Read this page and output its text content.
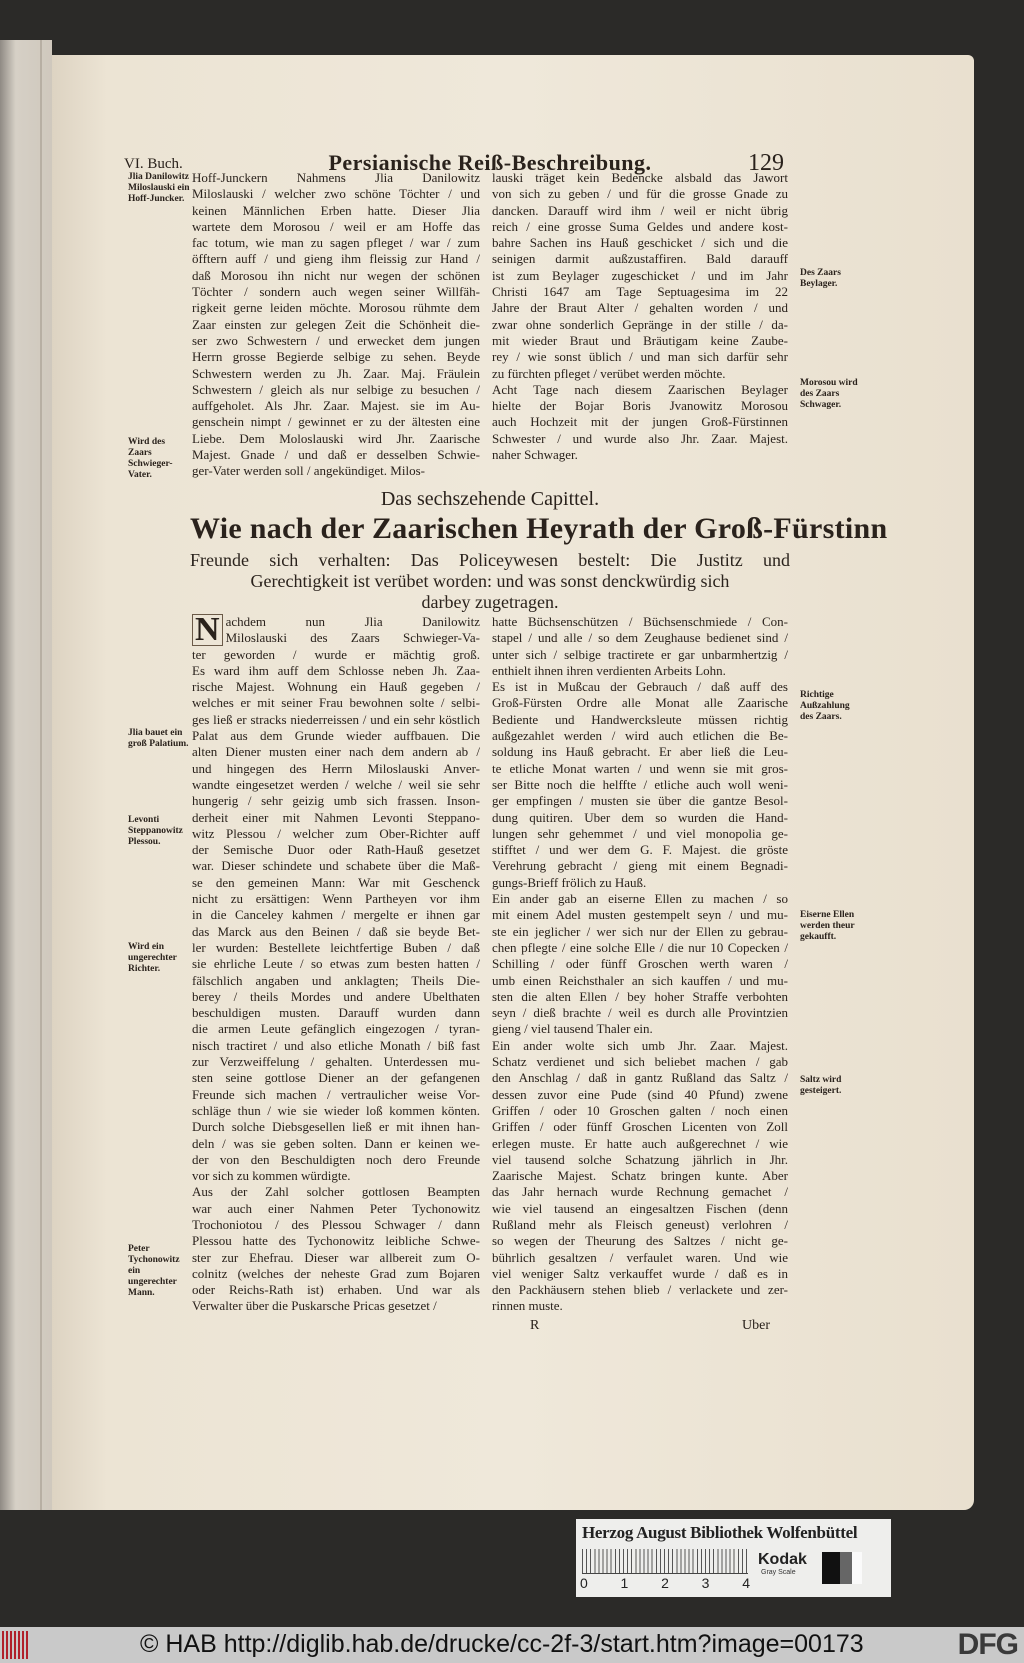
VI. Buch.	Persianische Reiß-Beschreibung.	129
Hoff-Junckern Nahmens Jlia Danilowitz
Miloslauski / welcher zwo schöne Töchter / und
keinen Männlichen Erben hatte. Dieser Jlia
wartete dem Morosou / weil er am Hoffe das
fac totum, wie man zu sagen pfleget / war / zum
öfftern auff / und gieng ihm fleissig zur Hand /
daß Morosou ihn nicht nur wegen der schönen
Töchter / sondern auch wegen seiner Willfäh-
rigkeit gerne leiden möchte. Morosou rühmte dem
Zaar einsten zur gelegen Zeit die Schönheit die-
ser zwo Schwestern / und erwecket dem jungen
Herrn grosse Begierde selbige zu sehen. Beyde
Schwestern werden zu Jh. Zaar. Maj. Fräulein
Schwestern / gleich als nur selbige zu besuchen /
auffgeholet. Als Jhr. Zaar. Majest. sie im Au-
genschein nimpt / gewinnet er zu der ältesten eine
Liebe. Dem Moloslauski wird Jhr. Zaarische
Majest. Gnade / und daß er desselben Schwie-
ger-Vater werden soll / angekündiget. Milos-
lauski träget kein Bedencke alsbald das Jawort
von sich zu geben / und für die grosse Gnade zu
dancken. Darauff wird ihm / weil er nicht übrig
reich / eine grosse Suma Geldes und andere kost-
bahre Sachen ins Hauß geschicket / sich und die
seinigen darmit außzustaffiren. Bald darauff
ist zum Beylager zugeschicket / und im Jahr
Christi 1647 am Tage Septuagesima im 22
Jahre der Braut Alter / gehalten worden / und
zwar ohne sonderlich Gepränge in der stille / da-
mit wieder Braut und Bräutigam keine Zaube-
rey / wie sonst üblich / und man sich darfür sehr
zu fürchten pfleget / verübet werden möchte.
Acht Tage nach diesem Zaarischen Beylager
hielte der Bojar Boris Jvanowitz Morosou
auch Hochzeit mit der jungen Groß-Fürstinnen
Schwester / und wurde also Jhr. Zaar. Majest.
naher Schwager.
Jlia Danilowitz Miloslauski ein Hoff-Juncker.
Wird des Zaars Schwieger-Vater.
Des Zaars Beylager.
Morosou wird des Zaars Schwager.
Das sechszehende Capittel.
Wie nach der Zaarischen Heyrath der Groß-Fürstinn
Freunde sich verhalten: Das Policeywesen bestelt: Die Justitz und
Gerechtigkeit ist verübet worden: und was sonst denckwürdig sich
darbey zugetragen.
N achdem nun Jlia Danilowitz
Miloslauski des Zaars Schwieger-Va-
ter geworden / wurde er mächtig groß.
Es ward ihm auff dem Schlosse neben Jh. Zaa-
rische Majest. Wohnung ein Hauß gegeben /
welches er mit seiner Frau bewohnen solte / selbi-
ges ließ er stracks niederreissen / und ein sehr köstlich
Palat aus dem Grunde wieder auffbauen. Die
alten Diener musten einer nach dem andern ab /
und hingegen des Herrn Miloslauski Anver-
wandte eingesetzet werden / welche / weil sie sehr
hungerig / sehr geizig umb sich frassen. Inson-
derheit einer mit Nahmen Levonti Steppano-
witz Plessou / welcher zum Ober-Richter auff
der Semische Duor oder Rath-Hauß gesetzet
war. Dieser schindete und schabete über die Maß-
se den gemeinen Mann: War mit Geschenck
nicht zu ersättigen: Wenn Partheyen vor ihm
in die Canceley kahmen / mergelte er ihnen gar
das Marck aus den Beinen / daß sie beyde Bet-
ler wurden: Bestellete leichtfertige Buben / daß
sie ehrliche Leute / so etwas zum besten hatten /
fälschlich angaben und anklagten; Theils Die-
berey / theils Mordes und andere Ubelthaten
beschuldigen musten. Darauff wurden dann
die armen Leute gefänglich eingezogen / tyran-
nisch tractiret / und also etliche Monath / biß fast
zur Verzweiffelung / gehalten. Unterdessen mu-
sten seine gottlose Diener an der gefangenen
Freunde sich machen / vertraulicher weise Vor-
schläge thun / wie sie wieder loß kommen könten.
Durch solche Diebsgesellen ließ er mit ihnen han-
deln / was sie geben solten. Dann er keinen we-
der von den Beschuldigten noch dero Freunde
vor sich zu kommen würdigte.
Aus der Zahl solcher gottlosen Beampten
war auch einer Nahmen Peter Tychonowitz
Trochoniotou / des Plessou Schwager / dann
Plessou hatte des Tychonowitz leibliche Schwe-
ster zur Ehefrau. Dieser war allbereit zum O-
colnitz (welches der neheste Grad zum Bojaren
oder Reichs-Rath ist) erhaben. Und war als
Verwalter über die Puskarsche Pricas gesetzet /
hatte Büchsenschützen / Büchsenschmiede / Con-
stapel / und alle / so dem Zeughause bedienet sind /
unter sich / selbige tractirete er gar unbarmhertzig /
enthielt ihnen ihren verdienten Arbeits Lohn.
Es ist in Mußcau der Gebrauch / daß auff des
Groß-Fürsten Ordre alle Monat alle Zaarische
Bediente und Handwercksleute müssen richtig
außgezahlet werden / wird auch etlichen die Be-
soldung ins Hauß gebracht. Er aber ließ die Leu-
te etliche Monat warten / und wenn sie mit gros-
ser Bitte noch die helffte / etliche auch woll weni-
ger empfingen / musten sie über die gantze Besol-
dung quitiren. Uber dem so wurden die Hand-
lungen sehr gehemmet / und viel monopolia ge-
stifftet / und wer dem G. F. Majest. die gröste
Verehrung gebracht / gieng mit einem Begnadi-
gungs-Brieff frölich zu Hauß.
Ein ander gab an eiserne Ellen zu machen / so
mit einem Adel musten gestempelt seyn / und mu-
ste ein jeglicher / wer sich nur der Ellen zu gebrau-
chen pflegte / eine solche Elle / die nur 10 Copecken /
Schilling / oder fünff Groschen werth waren /
umb einen Reichsthaler an sich kauffen / und mu-
sten die alten Ellen / bey hoher Straffe verbohten
seyn / dieß brachte / weil es durch alle Provintzien
gieng / viel tausend Thaler ein.
Ein ander wolte sich umb Jhr. Zaar. Majest.
Schatz verdienet und sich beliebet machen / gab
den Anschlag / daß in gantz Rußland das Saltz /
dessen zuvor eine Pude (sind 40 Pfund) zwene
Griffen / oder 10 Groschen galten / noch einen
Griffen / oder fünff Groschen Licenten von Zoll
erlegen muste. Er hatte auch außgerechnet / wie
viel tausend solche Schatzung jährlich in Jhr.
Zaarische Majest. Schatz bringen kunte. Aber
das Jahr hernach wurde Rechnung gemachet /
wie viel tausend an eingesaltzen Fischen (denn
Rußland mehr als Fleisch geneust) verlohren /
so wegen der Theurung des Saltzes / nicht ge-
bührlich gesaltzen / verfaulet waren. Und wie
viel weniger Saltz verkauffet wurde / daß es in
den Packhäusern stehen blieb / verlackete und zer-
rinnen muste.
Jlia bauet ein groß Palatium.
Levonti Steppanowitz Plessou.
Wird ein ungerechter Richter.
Peter Tychonowitz ein ungerechter Mann.
Richtige Außzahlung des Zaars.
Eiserne Ellen werden theur gekaufft.
Saltz wird gesteigert.
R	Uber
Herzog August Bibliothek Wolfenbüttel
0 1 2 3 4
Kodak
Gray Scale
© HAB http://diglib.hab.de/drucke/cc-2f-3/start.htm?image=00173	DFG
